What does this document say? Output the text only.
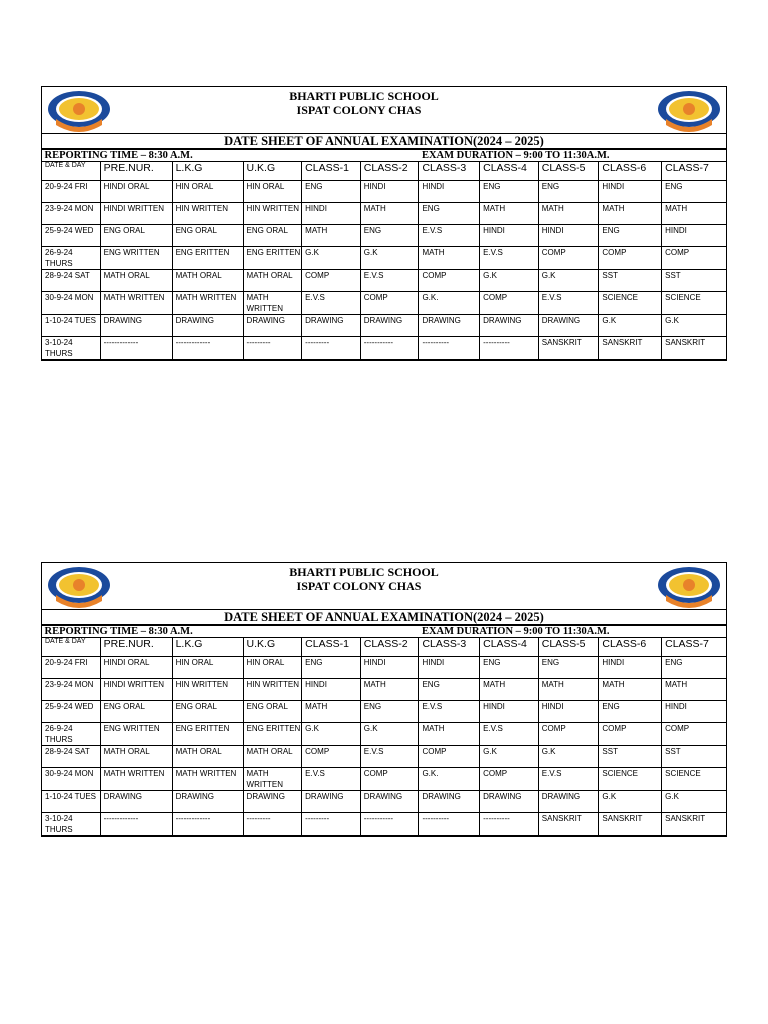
BHARTI PUBLIC SCHOOL
ISPAT COLONY CHAS
DATE SHEET OF ANNUAL EXAMINATION(2024 – 2025)
REPORTING TIME – 8:30 A.M.						EXAM DURATION – 9:00 TO 11:30A.M.				
DATE & DAY	PRE.NUR.	L.K.G	U.K.G	CLASS-1	CLASS-2	CLASS-3	CLASS-4	CLASS-5	CLASS-6	CLASS-7
20-9-24 FRI	HINDI ORAL	HIN ORAL	HIN ORAL	ENG	HINDI	HINDI	ENG	ENG	HINDI	ENG
23-9-24 MON	HINDI WRITTEN	HIN WRITTEN	HIN WRITTEN	HINDI	MATH	ENG	MATH	MATH	MATH	MATH
25-9-24 WED	ENG ORAL	ENG ORAL	ENG ORAL	MATH	ENG	E.V.S	HINDI	HINDI	ENG	HINDI
26-9-24 THURS	ENG WRITTEN	ENG ERITTEN	ENG ERITTEN	G.K	G.K	MATH	E.V.S	COMP	COMP	COMP
28-9-24 SAT	MATH ORAL	MATH ORAL	MATH ORAL	COMP	E.V.S	COMP	G.K	G.K	SST	SST
30-9-24 MON	MATH WRITTEN	MATH WRITTEN	MATH WRITTEN	E.V.S	COMP	G.K.	COMP	E.V.S	SCIENCE	SCIENCE
1-10-24 TUES	DRAWING	DRAWING	DRAWING	DRAWING	DRAWING	DRAWING	DRAWING	DRAWING	G.K	G.K
3-10-24 THURS	-------------	-------------	---------	---------	-----------	----------	----------	SANSKRIT	SANSKRIT	SANSKRIT
BHARTI PUBLIC SCHOOL
ISPAT COLONY CHAS
DATE SHEET OF ANNUAL EXAMINATION(2024 – 2025)
REPORTING TIME – 8:30 A.M.						EXAM DURATION – 9:00 TO 11:30A.M.				
DATE & DAY	PRE.NUR.	L.K.G	U.K.G	CLASS-1	CLASS-2	CLASS-3	CLASS-4	CLASS-5	CLASS-6	CLASS-7
20-9-24 FRI	HINDI ORAL	HIN ORAL	HIN ORAL	ENG	HINDI	HINDI	ENG	ENG	HINDI	ENG
23-9-24 MON	HINDI WRITTEN	HIN WRITTEN	HIN WRITTEN	HINDI	MATH	ENG	MATH	MATH	MATH	MATH
25-9-24 WED	ENG ORAL	ENG ORAL	ENG ORAL	MATH	ENG	E.V.S	HINDI	HINDI	ENG	HINDI
26-9-24 THURS	ENG WRITTEN	ENG ERITTEN	ENG ERITTEN	G.K	G.K	MATH	E.V.S	COMP	COMP	COMP
28-9-24 SAT	MATH ORAL	MATH ORAL	MATH ORAL	COMP	E.V.S	COMP	G.K	G.K	SST	SST
30-9-24 MON	MATH WRITTEN	MATH WRITTEN	MATH WRITTEN	E.V.S	COMP	G.K.	COMP	E.V.S	SCIENCE	SCIENCE
1-10-24 TUES	DRAWING	DRAWING	DRAWING	DRAWING	DRAWING	DRAWING	DRAWING	DRAWING	G.K	G.K
3-10-24 THURS	-------------	-------------	---------	---------	-----------	----------	----------	SANSKRIT	SANSKRIT	SANSKRIT
